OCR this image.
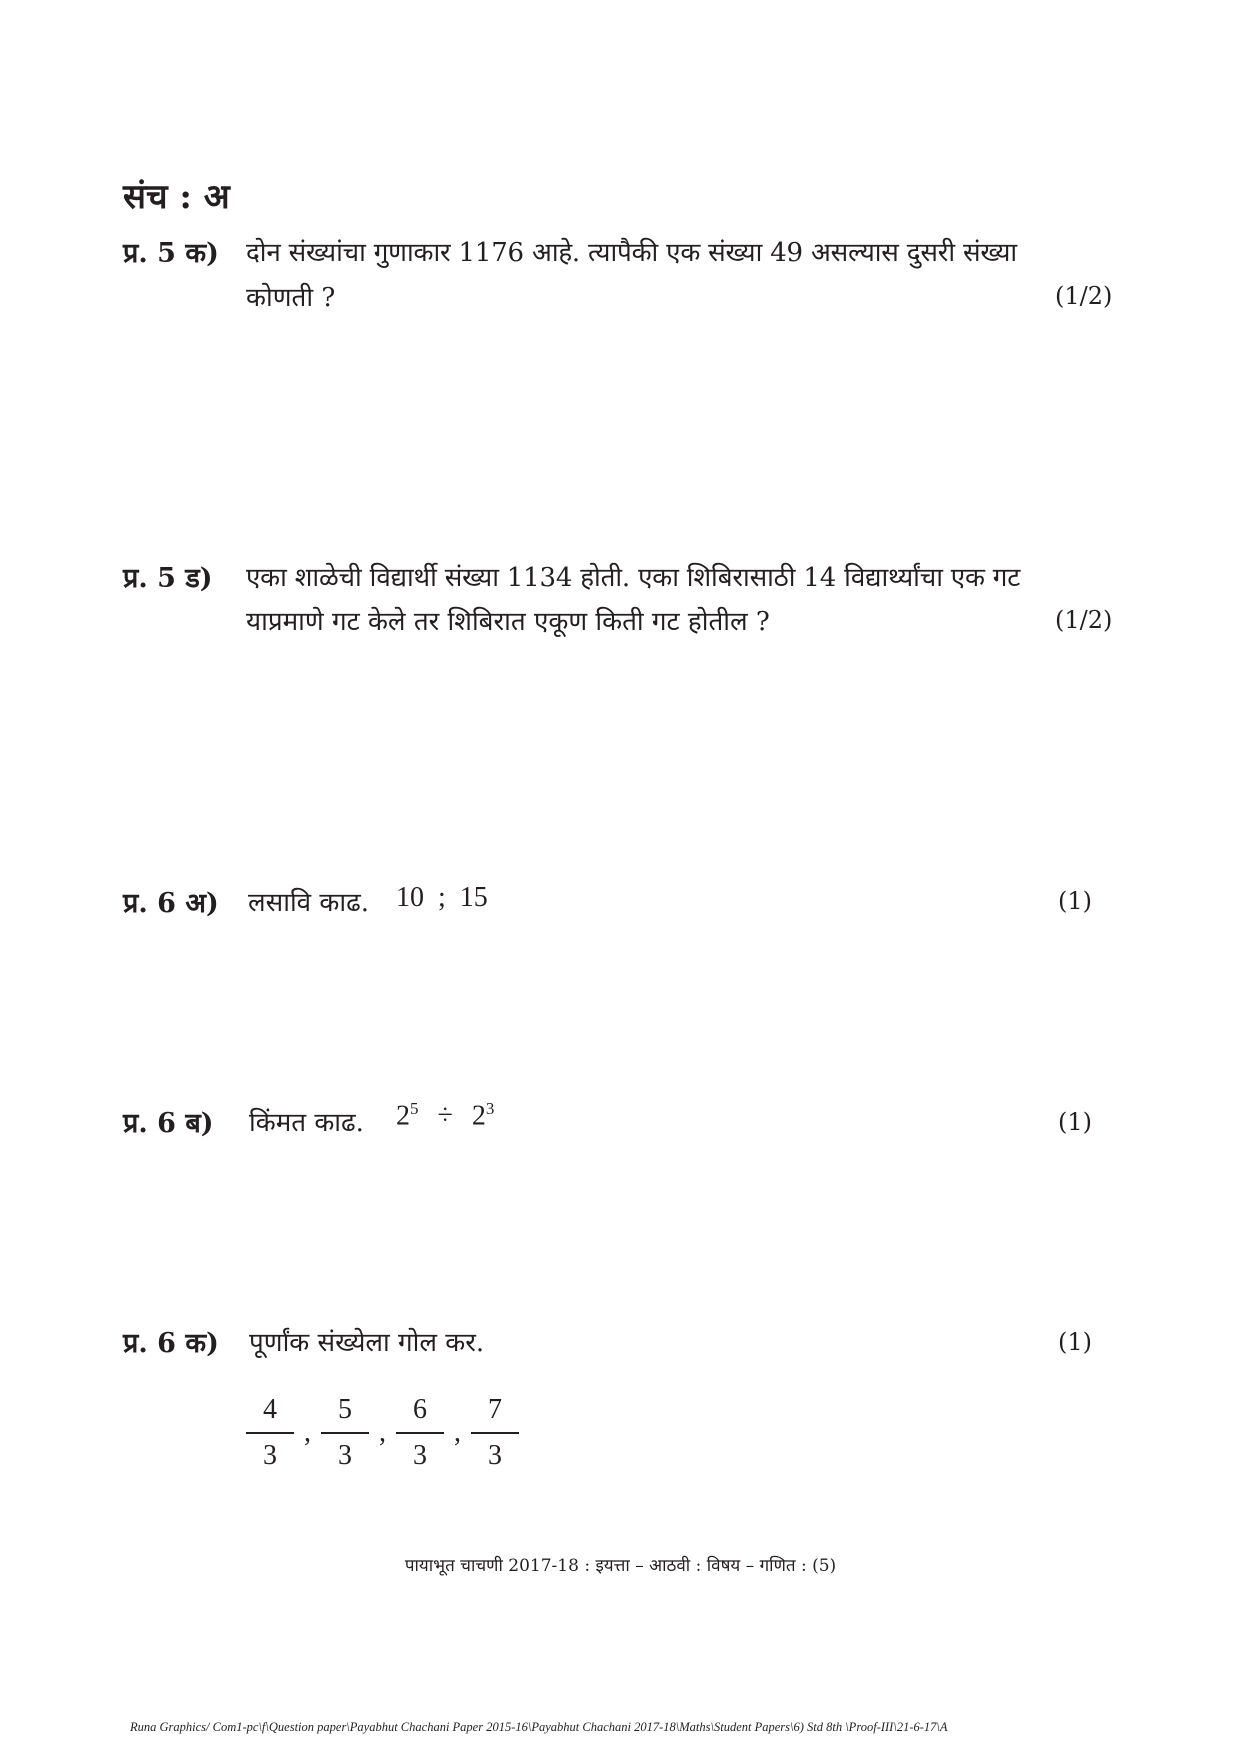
संच : अ
प्र. 5 क) दोन संख्यांचा गुणाकार 1176 आहे. त्यापैकी एक संख्या 49 असल्यास दुसरी संख्या
कोणती ?	(1/2)
प्र. 5 ड) एका शाळेची विद्यार्थी संख्या 1134 होती. एका शिबिरासाठी 14 विद्यार्थ्यांचा एक गट
याप्रमाणे गट केले तर शिबिरात एकूण किती गट होतील ?	(1/2)
प्र. 6 अ) लसावि काढ. 10  ;  15	(1)
प्र. 6 ब) किंमत काढ. $2^5 \div 2^3$	(1)
प्र. 6 क) पूर्णांक संख्येला गोल कर.	(1)
$\frac{4}{3}$ , $\frac{5}{3}$ , $\frac{6}{3}$ , $\frac{7}{3}$
पायाभूत चाचणी 2017-18 : इयत्ता – आठवी : विषय – गणित : (5)
Runa Graphics/ Com1-pc\f\Question paper\Payabhut Chachani Paper 2015-16\Payabhut Chachani 2017-18\Maths\Student Papers\6) Std 8th \Proof-III\21-6-17\A
